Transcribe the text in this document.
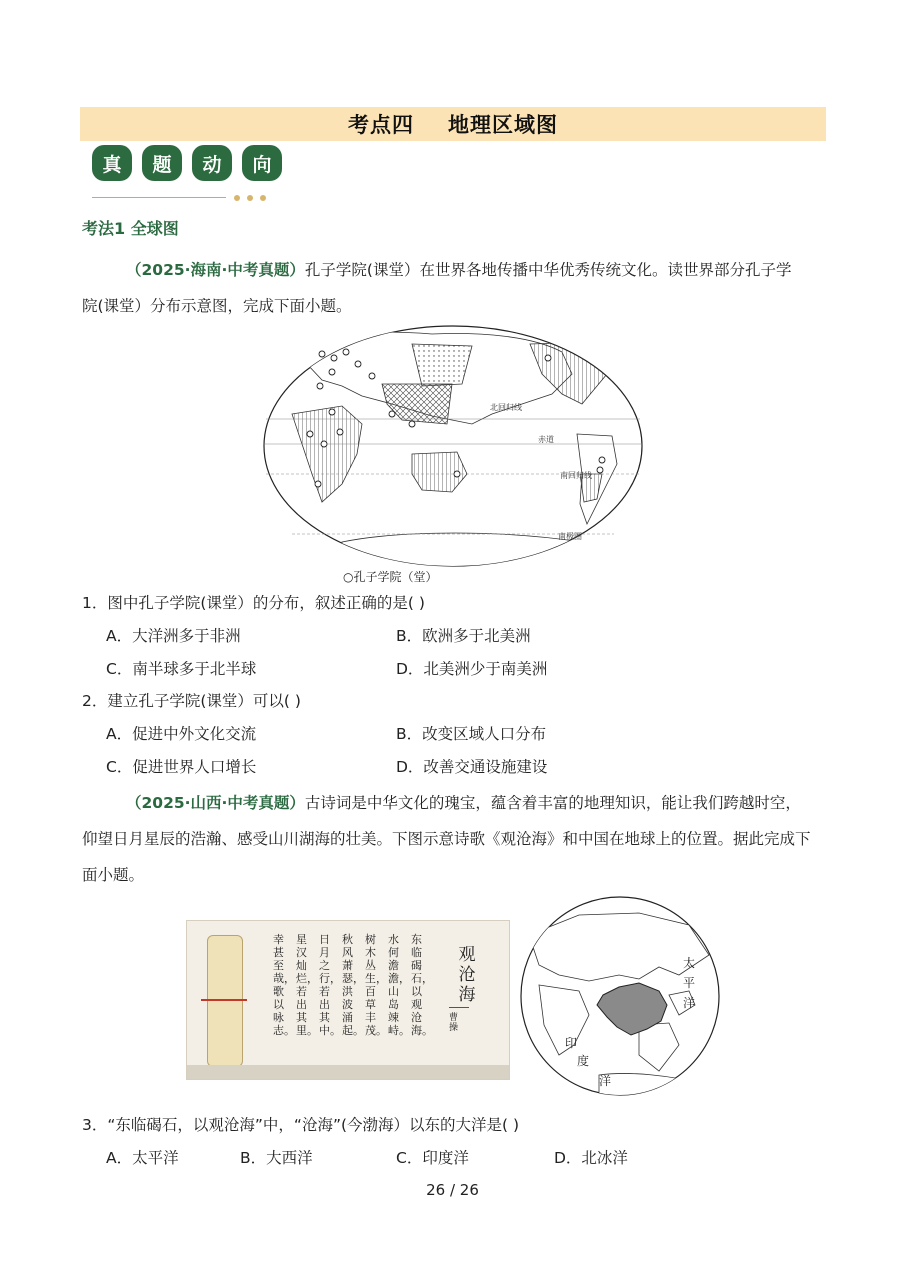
考点四 地理区域图
真	题	动	向
考法1 全球图
（2025·海南·中考真题）孔子学院(课堂）在世界各地传播中华优秀传统文化。读世界部分孔子学
院(课堂）分布示意图，完成下面小题。
北回归线
赤道
南回归线
南极圈
○孔子学院（堂）
1．图中孔子学院(课堂）的分布，叙述正确的是( )
A．大洋洲多于非洲	B．欧洲多于北美洲
C．南半球多于北半球	D．北美洲少于南美洲
2．建立孔子学院(课堂）可以( )
A．促进中外文化交流	B．改变区域人口分布
C．促进世界人口增长	D．改善交通设施建设
（2025·山西·中考真题）古诗词是中华文化的瑰宝，蕴含着丰富的地理知识，能让我们跨越时空，
仰望日月星辰的浩瀚、感受山川湖海的壮美。下图示意诗歌《观沧海》和中国在地球上的位置。据此完成下
面小题。
观沧海
曹操
东临碣石，以观沧海。
水何澹澹，山岛竦峙。
树木丛生，百草丰茂。
秋风萧瑟，洪波涌起。
日月之行，若出其中。
星汉灿烂，若出其里。
幸甚至哉，歌以咏志。
太
平
洋
印
度
洋
3．“东临碣石，以观沧海”中，“沧海”(今渤海）以东的大洋是( )
A．太平洋	B．大西洋	C．印度洋	D．北冰洋
26 / 26
